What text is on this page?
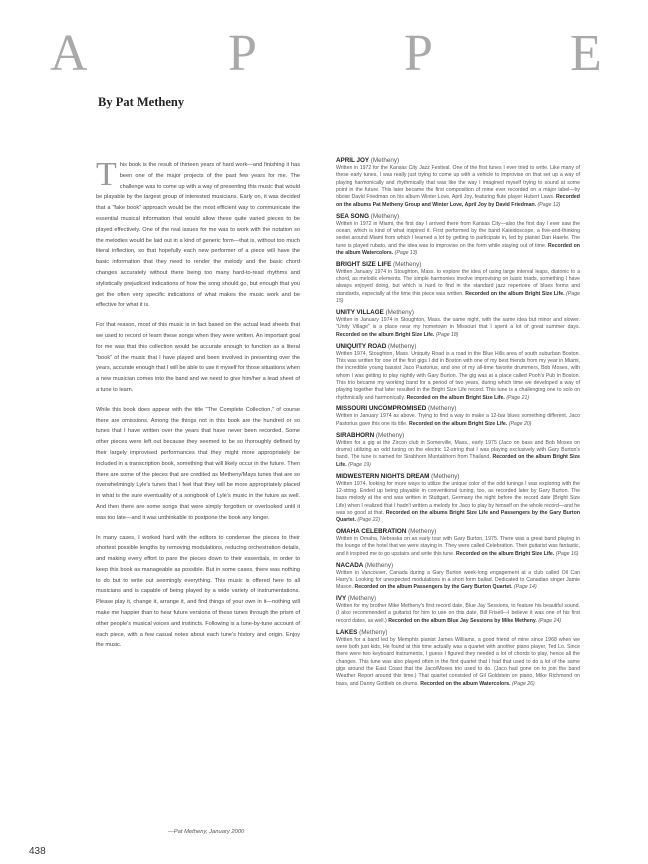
A	P	P	E
By Pat Metheny

This book is the result of thirteen years of hard work—and finishing it has been one of the major projects of the past few years for me. The challenge was to come up with a way of presenting this music that would be playable by the largest group of interested musicians. Early on, it was decided that a "fake book" approach would be the most efficient way to communicate the essential musical information that would allow these quite varied pieces to be played effectively. One of the real issues for me was to work with the notation so the melodies would be laid out in a kind of generic form—that is, without too much literal inflection, so that hopefully each new performer of a piece will have the basic information that they need to render the melody and the basic chord changes accurately without there being too many hard-to-read rhythms and stylistically prejudiced indications of how the song should go, but enough that you get the often very specific indications of what makes the music work and be effective for what it is.

For that reason, most of this music is in fact based on the actual lead sheets that we used to record or learn these songs when they were written. An important goal for me was that this collection would be accurate enough to function as a literal "book" of the music that I have played and been involved in presenting over the years, accurate enough that I will be able to use it myself for those situations when a new musician comes into the band and we need to give him/her a lead sheet of a tune to learn.

While this book does appear with the title "The Complete Collection," of course there are omissions. Among the things not in this book are the hundred or so tunes that I have written over the years that have never been recorded. Some other pieces were left out because they seemed to be so thoroughly defined by their largely improvised performances that they might more appropriately be included in a transcription book, something that will likely occur in the future. Then there are some of the pieces that are credited as Metheny/Mays tunes that are so overwhelmingly Lyle's tunes that I feel that they will be more appropriately placed in what is the sure eventuality of a songbook of Lyle's music in the future as well. And then there are some songs that were simply forgotten or overlooked until it was too late—and it was unthinkable to postpone the book any longer.

In many cases, I worked hard with the editors to condense the pieces to their shortest possible lengths by removing modulations, reducing orchestration details, and making every effort to pare the pieces down to their essentials, in order to keep this book as manageable as possible. But in some cases, there was nothing to do but to write out seemingly everything. This music is offered here to all musicians and is capable of being played by a wide variety of instrumentations. Please play it, change it, arrange it, and find things of your own in it—nothing will make me happier than to hear future versions of these tunes through the prism of other people's musical voices and instincts. Following is a tune-by-tune account of each piece, with a few casual notes about each tune's history and origin. Enjoy the music.

—Pat Metheny, January 2000
438
APRIL JOY (Metheny)
Written in 1972 for the Kansas City Jazz Festival. One of the first tunes I ever tried to write. Like many of these early tunes, I was really just trying to come up with a vehicle to improvise on that set up a way of playing harmonically and rhythmically that was like the way I imagined myself trying to sound at some point in the future. This later became the first composition of mine ever recorded on a major label—by oboist David Friedman on his album Winter Love, April Joy, featuring flute player Hubert Laws. Recorded on the albums Pat Metheny Group and Winter Love, April Joy by David Friedman. (Page 12)
SEA SONG (Metheny)
Written in 1972 in Miami, the first day I arrived there from Kansas City—also the first day I ever saw the ocean, which is kind of what inspired it. First performed by the band Kaleidoscope, a five-and-thinking sextet around Miami from which I learned a lot by getting to participate in, led by pianist Dan Haerle. The tune is played rubato, and the idea was to improvise on the form while staying out of time. Recorded on the album Watercolors. (Page 13)
BRIGHT SIZE LIFE (Metheny)
Written January 1974 in Stoughton, Mass. to explore the idea of using large interval leaps, diatonic to a chord, as melodic elements. The simple harmonies involve improvising on basic triads, something I have always enjoyed doing, but which is hard to find in the standard jazz repertoire of blues forms and standards, especially at the time this piece was written. Recorded on the album Bright Size Life. (Page 15)
UNITY VILLAGE (Metheny)
Written in January 1974 in Stoughton, Mass. the same night, with the same idea but minor and slower. "Unity Village" is a place near my hometown in Missouri that I spent a lot of great summer days. Recorded on the album Bright Size Life. (Page 18)
UNIQUITY ROAD (Metheny)
Written 1974, Stoughton, Mass. Uniquity Road is a road in the Blue Hills area of south suburban Boston. This was written for one of the first gigs I did in Boston with one of my best friends from my year in Miami, the incredible young bassist Jaco Pastorius, and one of my all-time favorite drummers, Bob Moses, with whom I was getting to play nightly with Gary Burton. The gig was at a place called Pooh's Pub in Boston. This trio became my working band for a period of two years, during which time we developed a way of playing together that later resulted in the Bright Size Life record. This tune is a challenging one to solo on rhythmically and harmonically. Recorded on the album Bright Size Life. (Page 21)
MISSOURI UNCOMPROMISED (Metheny)
Written in January 1974 as above. Trying to find a way to make a 12-bar blues something different. Jaco Pastorius gave this one its title. Recorded on the album Bright Size Life. (Page 20)
SIRABHORN (Metheny)
Written for a gig at the Zircon club in Somerville, Mass., early 1975 (Jaco on bass and Bob Moses on drums) utilizing an odd tuning on the electric 12-string that I was playing exclusively with Gary Burton's band. The tune is named for Sirabhorn Muntabhorn from Thailand. Recorded on the album Bright Size Life. (Page 19)
MIDWESTERN NIGHTS DREAM (Metheny)
Written 1974, looking for more ways to utilize the unique color of the odd tunings I was exploring with the 12-string. Ended up being playable in conventional tuning, too, as recorded later by Gary Burton. The bass melody at the end was written in Stuttgart, Germany the night before the record date (Bright Size Life) when I realized that I hadn't written a melody for Jaco to play by himself on the whole record—and he was so good at that. Recorded on the albums Bright Size Life and Passengers by the Gary Burton Quartet. (Page 22)
OMAHA CELEBRATION (Metheny)
Written in Omaha, Nebraska on an early tour with Gary Burton, 1975. There was a great band playing in the lounge of the hotel that we were staying in. They were called Celebration. Their guitarist was fantastic, and it inspired me to go upstairs and write this tune. Recorded on the album Bright Size Life. (Page 16)
NACADA (Metheny)
Written in Vancouver, Canada during a Gary Burton week-long engagement at a club called Oil Can Harry's. Looking for unexpected modulations in a short form ballad. Dedicated to Canadian singer Jamie Mason. Recorded on the album Passengers by the Gary Burton Quartet. (Page 14)
IVY (Metheny)
Written for my brother Mike Metheny's first record date, Blue Jay Sessions, to feature his beautiful sound. (I also recommended a guitarist for him to use on this date, Bill Frisell—I believe it was one of his first record dates, as well.) Recorded on the album Blue Jay Sessions by Mike Metheny. (Page 24)
LAKES (Metheny)
Written for a band led by Memphis pianist James Williams, a good friend of mine since 1968 when we were both just kids. He found at this time actually was a quartet with another piano player, Ted Lo. Since there were two keyboard instruments, I guess I figured they needed a lot of chords to play, hence all the changes. This tune was also played often in the first quartet that I had that used to do a lot of the same gigs around the East Coast that the Jaco/Moses trio used to do. (Jaco had gone on to join the band Weather Report around this time.) That quartet consisted of Gil Goldstein on piano, Mike Richmond on bass, and Danny Gottlieb on drums. Recorded on the album Watercolors. (Page 26)
